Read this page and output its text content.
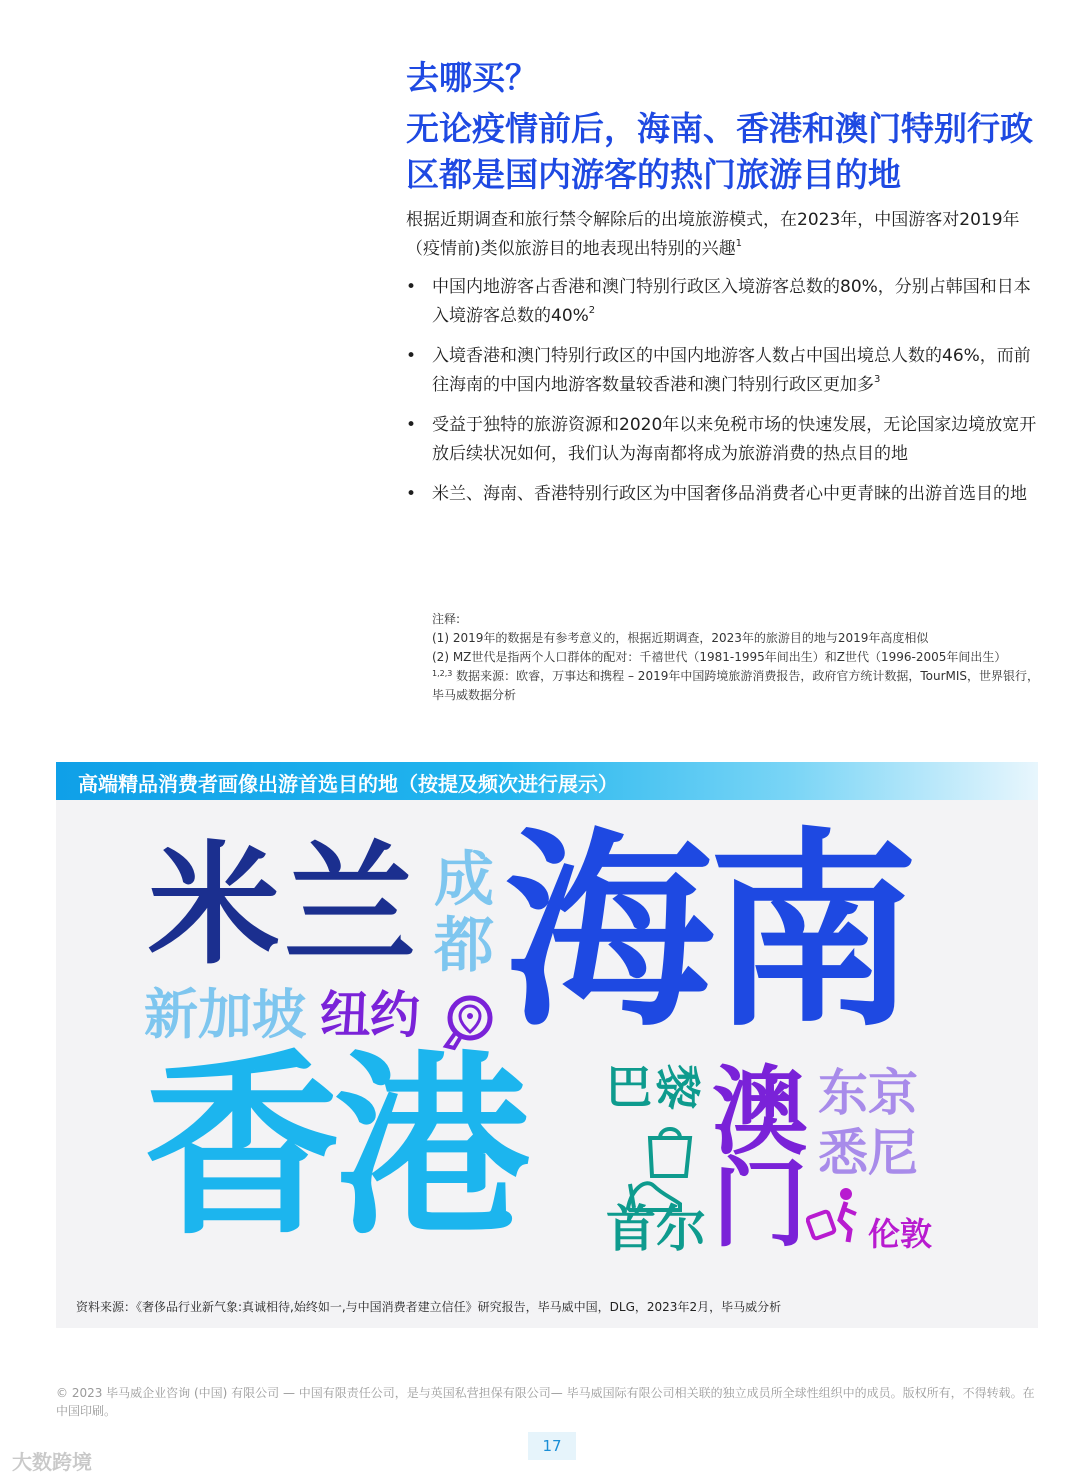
去哪买？
无论疫情前后，海南、香港和澳门特别行政区都是国内游客的热门旅游目的地
根据近期调查和旅行禁令解除后的出境旅游模式，在2023年，中国游客对2019年（疫情前)类似旅游目的地表现出特别的兴趣$^1$
• 中国内地游客占香港和澳门特别行政区入境游客总数的80%，分别占韩国和日本入境游客总数的40%$^2$
• 入境香港和澳门特别行政区的中国内地游客人数占中国出境总人数的46%，而前往海南的中国内地游客数量较香港和澳门特别行政区更加多$^3$
• 受益于独特的旅游资源和2020年以来免税市场的快速发展，无论国家边境放宽开放后续状况如何，我们认为海南都将成为旅游消费的热点目的地
• 米兰、海南、香港特别行政区为中国奢侈品消费者心中更青睐的出游首选目的地
注释:
(1) 2019年的数据是有参考意义的，根据近期调查，2023年的旅游目的地与2019年高度相似
(2) MZ世代是指两个人口群体的配对：千禧世代（1981-1995年间出生）和Z世代（1996-2005年间出生）
$^{1,2,3}$ 数据来源：欧睿，万事达和携程 – 2019年中国跨境旅游消费报告，政府官方统计数据，TourMIS，世界银行，毕马威数据分析
高端精品消费者画像出游首选目的地（按提及频次进行展示）
米兰 成
都 海南
新加坡 纽约
香港 巴
黎 澳
门
东京
悉尼
首尔	伦敦
资料来源：《奢侈品行业新气象:真诚相待,始终如一,与中国消费者建立信任》研究报告，毕马威中国，DLG，2023年2月，毕马威分析
© 2023 毕马威企业咨询 (中国) 有限公司 — 中国有限责任公司，是与英国私营担保有限公司— 毕马威国际有限公司相关联的独立成员所全球性组织中的成员。版权所有，不得转载。在中国印刷。
17
大数跨境
